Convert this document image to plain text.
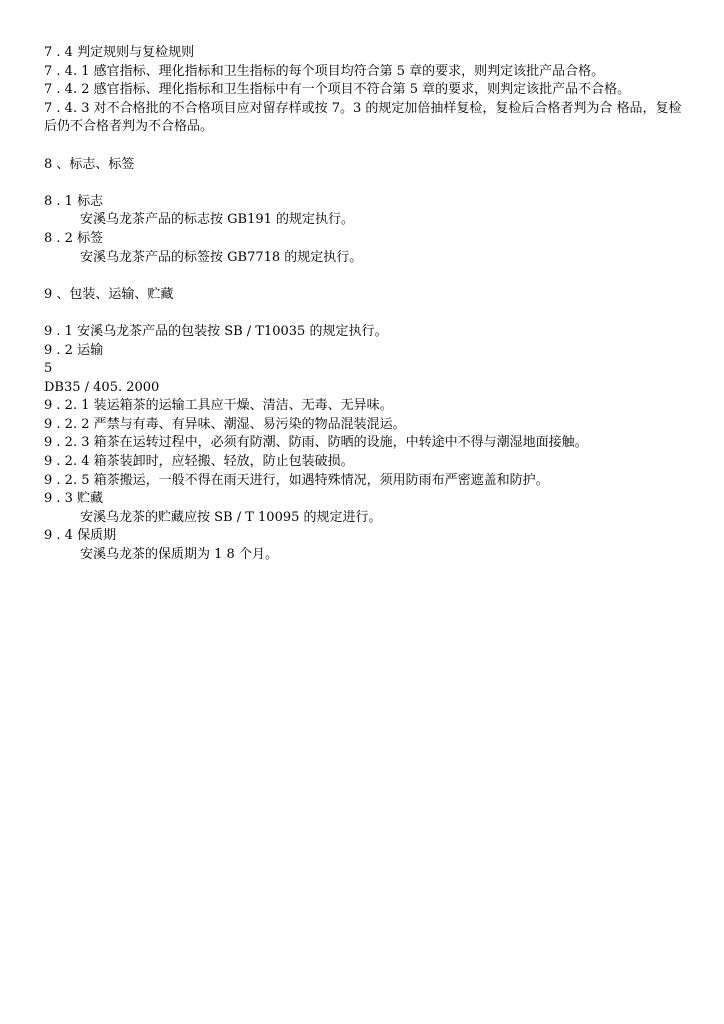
7 . 4 判定规则与复检规则
7 . 4. 1 感官指标、理化指标和卫生指标的每个项目均符合第 5 章的要求，则判定该批产品合格。
7 . 4. 2 感官指标、理化指标和卫生指标中有一个项目不符合第 5 章的要求，则判定该批产品不合格。
7 . 4. 3 对不合格批的不合格项目应对留存样或按 7。3 的规定加倍抽样复检，复检后合格者判为合 格品，复检后仍不合格者判为不合格品。
8 、标志、标签
8 . 1 标志
安溪乌龙茶产品的标志按 GB191 的规定执行。
8 . 2 标签
安溪乌龙茶产品的标签按 GB7718 的规定执行。
9 、包装、运输、贮藏
9 . 1 安溪乌龙茶产品的包装按 SB / T10035 的规定执行。
9 . 2 运输
5
DB35 / 405. 2000
9 . 2. 1 装运箱茶的运输工具应干燥、清洁、无毒、无异味。
9 . 2. 2 严禁与有毒、有异味、潮湿、易污染的物品混装混运。
9 . 2. 3 箱茶在运转过程中，必须有防潮、防雨、防晒的设施，中转途中不得与潮湿地面接触。
9 . 2. 4 箱茶装卸时，应轻搬、轻放，防止包装破损。
9 . 2. 5 箱茶搬运，一般不得在雨天进行，如遇特殊情况，须用防雨布严密遮盖和防护。
9 . 3 贮藏
安溪乌龙茶的贮藏应按 SB / T 10095 的规定进行。
9 . 4 保质期
安溪乌龙茶的保质期为 1 8 个月。
